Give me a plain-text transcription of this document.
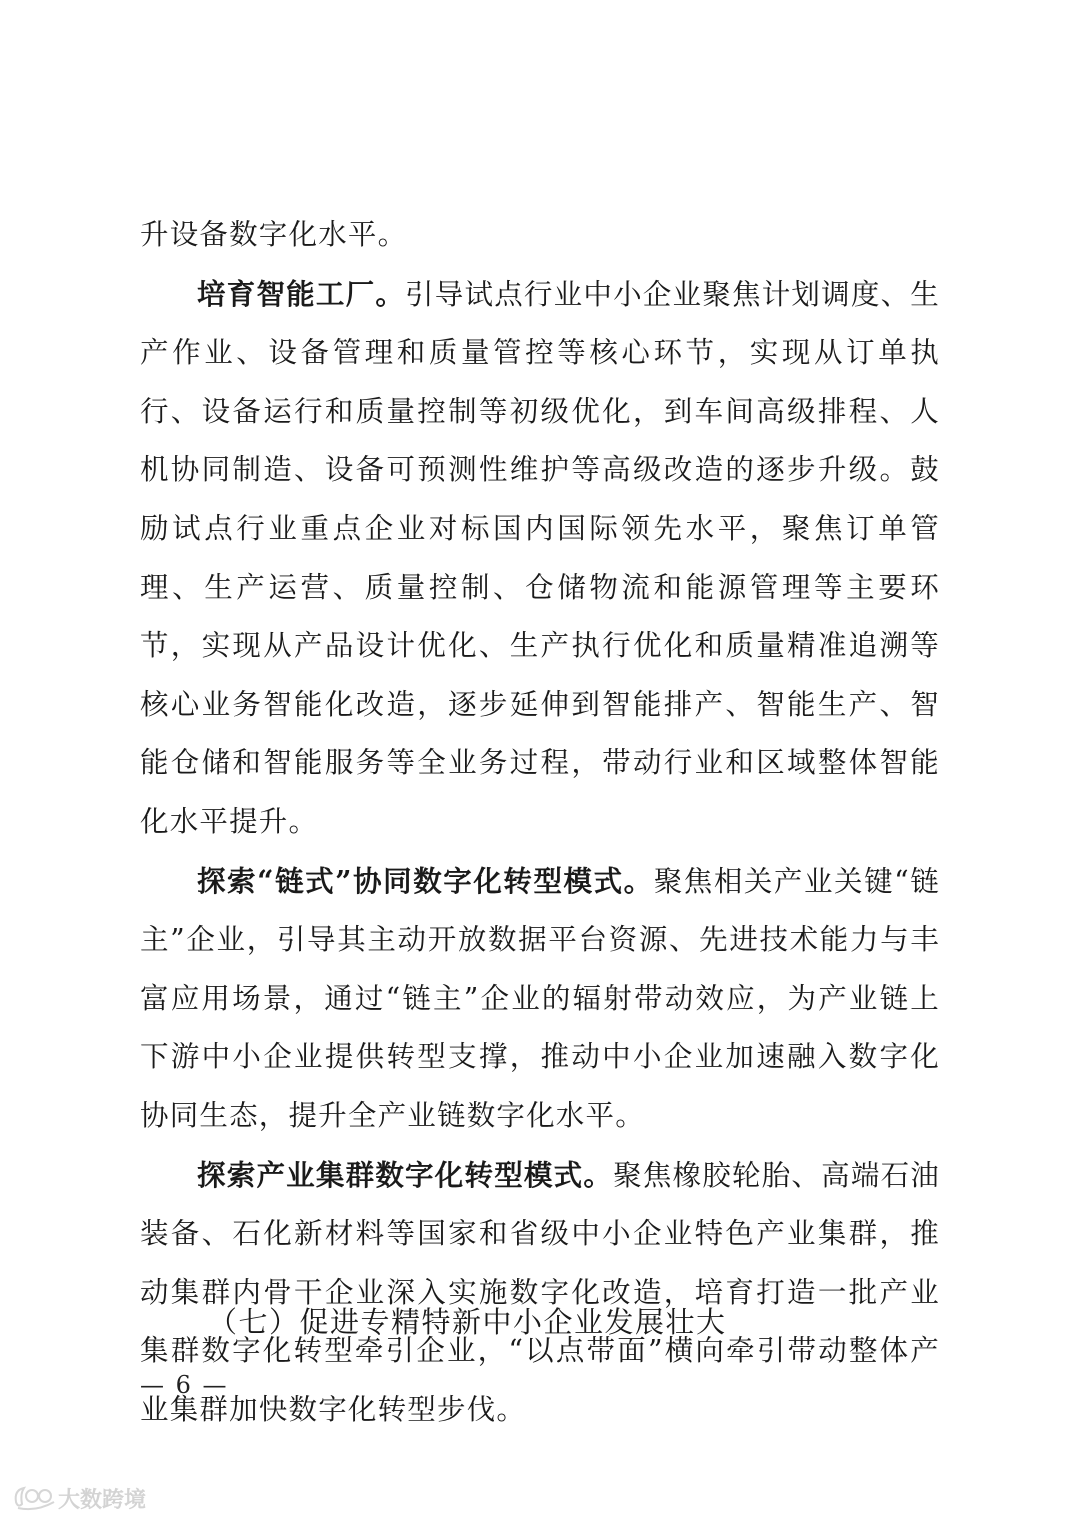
升设备数字化水平。

培育智能工厂。引导试点行业中小企业聚焦计划调度、生产作业、设备管理和质量管控等核心环节，实现从订单执行、设备运行和质量控制等初级优化，到车间高级排程、人机协同制造、设备可预测性维护等高级改造的逐步升级。鼓励试点行业重点企业对标国内国际领先水平，聚焦订单管理、生产运营、质量控制、仓储物流和能源管理等主要环节，实现从产品设计优化、生产执行优化和质量精准追溯等核心业务智能化改造，逐步延伸到智能排产、智能生产、智能仓储和智能服务等全业务过程，带动行业和区域整体智能化水平提升。

探索“链式”协同数字化转型模式。聚焦相关产业关键“链主”企业，引导其主动开放数据平台资源、先进技术能力与丰富应用场景，通过“链主”企业的辐射带动效应，为产业链上下游中小企业提供转型支撑，推动中小企业加速融入数字化协同生态，提升全产业链数字化水平。

探索产业集群数字化转型模式。聚焦橡胶轮胎、高端石油装备、石化新材料等国家和省级中小企业特色产业集群，推动集群内骨干企业深入实施数字化改造，培育打造一批产业集群数字化转型牵引企业，“以点带面”横向牵引带动整体产业集群加快数字化转型步伐。

（七）促进专精特新中小企业发展壮大
— 6 —
大数跨境
